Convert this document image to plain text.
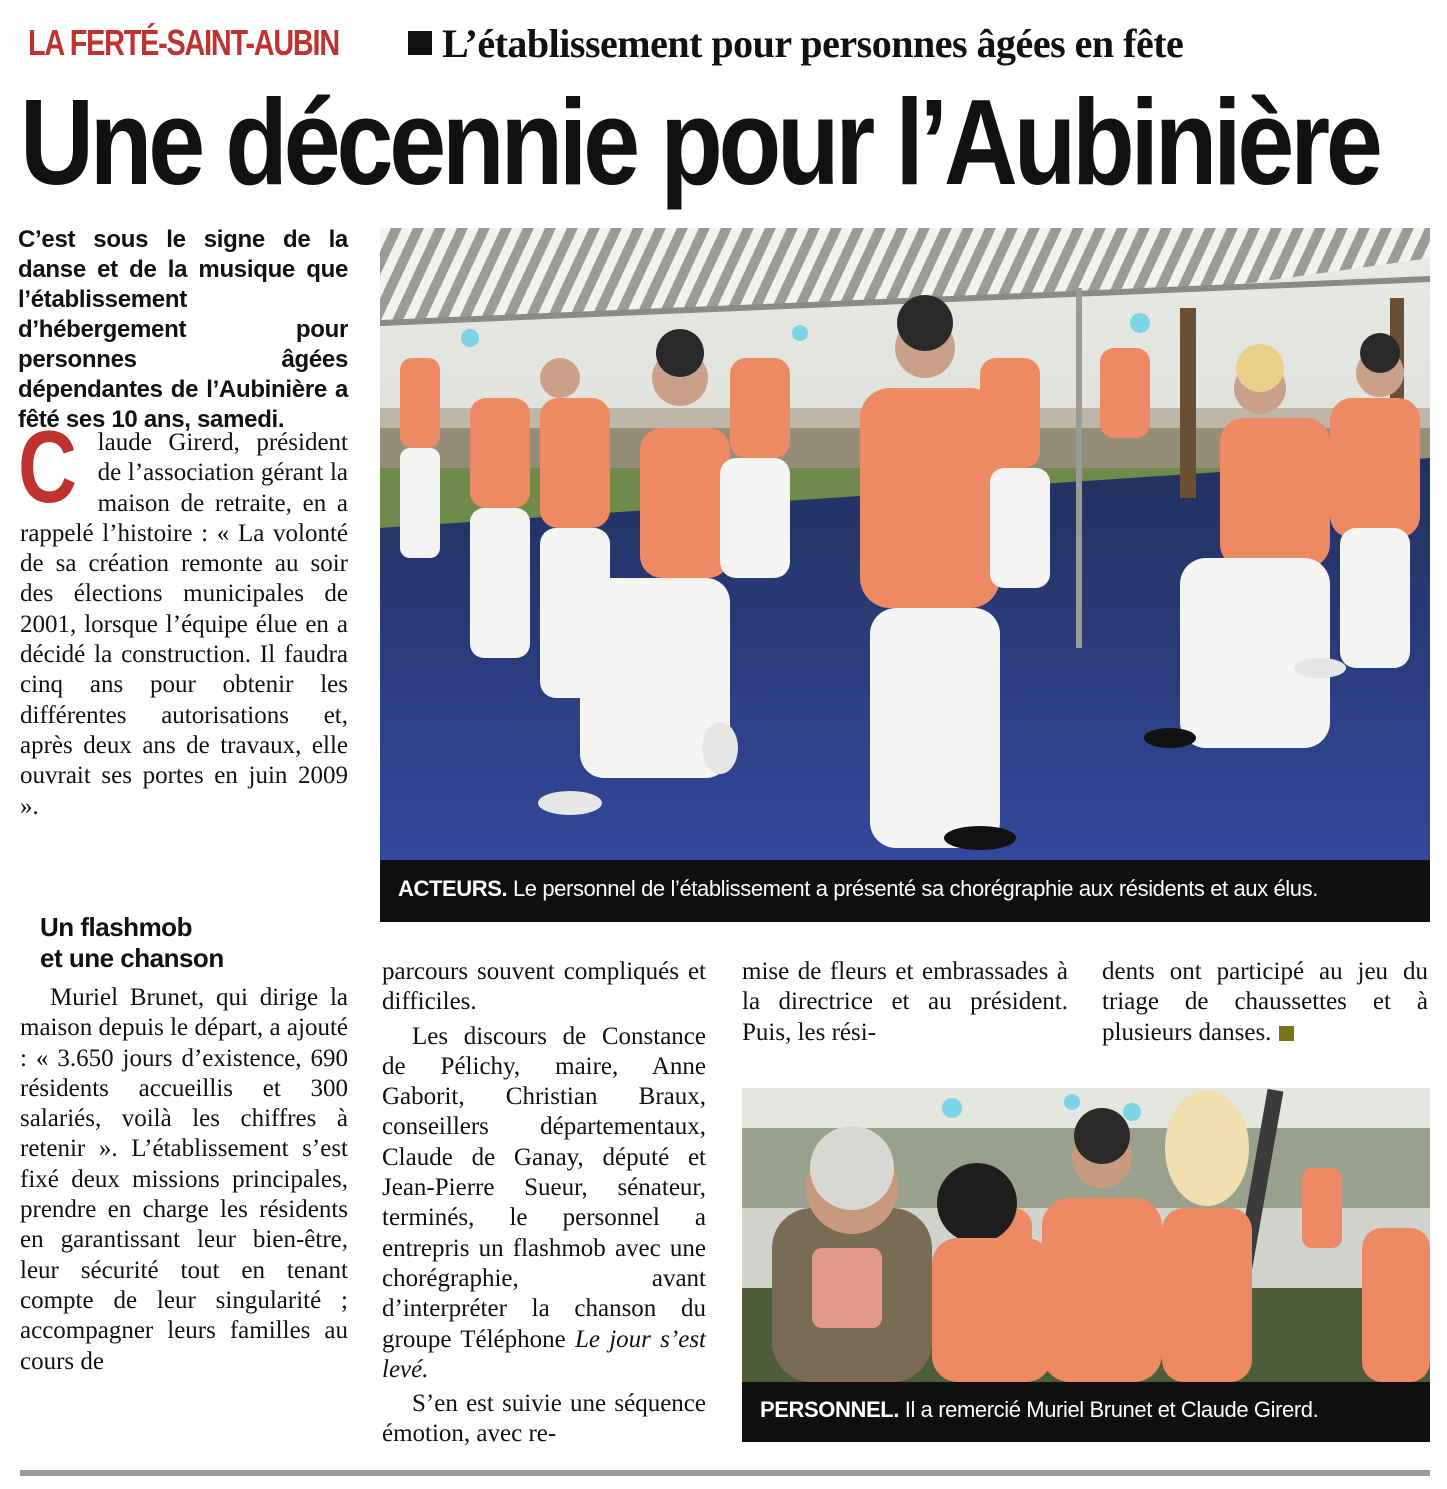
LA FERTÉ-SAINT-AUBIN	L’établissement pour personnes âgées en fête
Une décennie pour l’Aubinière
C’est sous le signe de la danse et de la musique que l’établissement d’hébergement pour personnes âgées dépendantes de l’Aubinière a fêté ses 10 ans, samedi.

Claude Girerd, président de l’association gérant la maison de retraite, en a rappelé l’histoire : « La volonté de sa création remonte au soir des élections municipales de 2001, lorsque l’équipe élue en a décidé la construction. Il faudra cinq ans pour obtenir les différentes autorisations et, après deux ans de travaux, elle ouvrait ses portes en juin 2009 ».

Un flashmob
et une chanson

Muriel Brunet, qui dirige la maison depuis le départ, a ajouté : « 3.650 jours d’existence, 690 résidents accueillis et 300 salariés, voilà les chiffres à retenir ». L’établissement s’est fixé deux missions principales, prendre en charge les résidents en garantissant leur bien-être, leur sécurité tout en tenant compte de leur singularité ; accompagner leurs familles au cours de

parcours souvent compliqués et difficiles.

Les discours de Constance de Pélichy, maire, Anne Gaborit, Christian Braux, conseillers départementaux, Claude de Ganay, député et Jean-Pierre Sueur, sénateur, terminés, le personnel a entrepris un flashmob avec une chorégraphie, avant d’interpréter la chanson du groupe Téléphone Le jour s’est levé.

S’en est suivie une séquence émotion, avec re-

mise de fleurs et embrassades à la directrice et au président. Puis, les rési-

dents ont participé au jeu du triage de chaussettes et à plusieurs danses.

ACTEURS. Le personnel de l’établissement a présenté sa chorégraphie aux résidents et aux élus.
PERSONNEL. Il a remercié Muriel Brunet et Claude Girerd.
